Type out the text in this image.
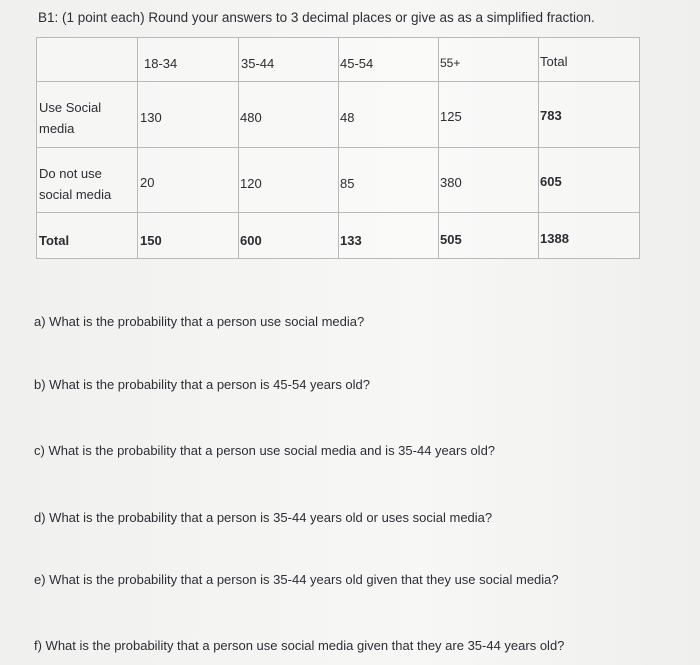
B1: (1 point each) Round your answers to 3 decimal places or give as as a simplified fraction.

	18-34	35-44	45-54	55+	Total

Use Social
media	130	480	48	125	783

Do not use
social media	20	120	85	380	605

Total	150	600	133	505	1388
a) What is the probability that a person use social media?
b) What is the probability that a person is 45-54 years old?
c) What is the probability that a person use social media and is 35-44 years old?
d) What is the probability that a person is 35-44 years old or uses social media?
e) What is the probability that a person is 35-44 years old given that they use social media?
f) What is the probability that a person use social media given that they are 35-44 years old?
